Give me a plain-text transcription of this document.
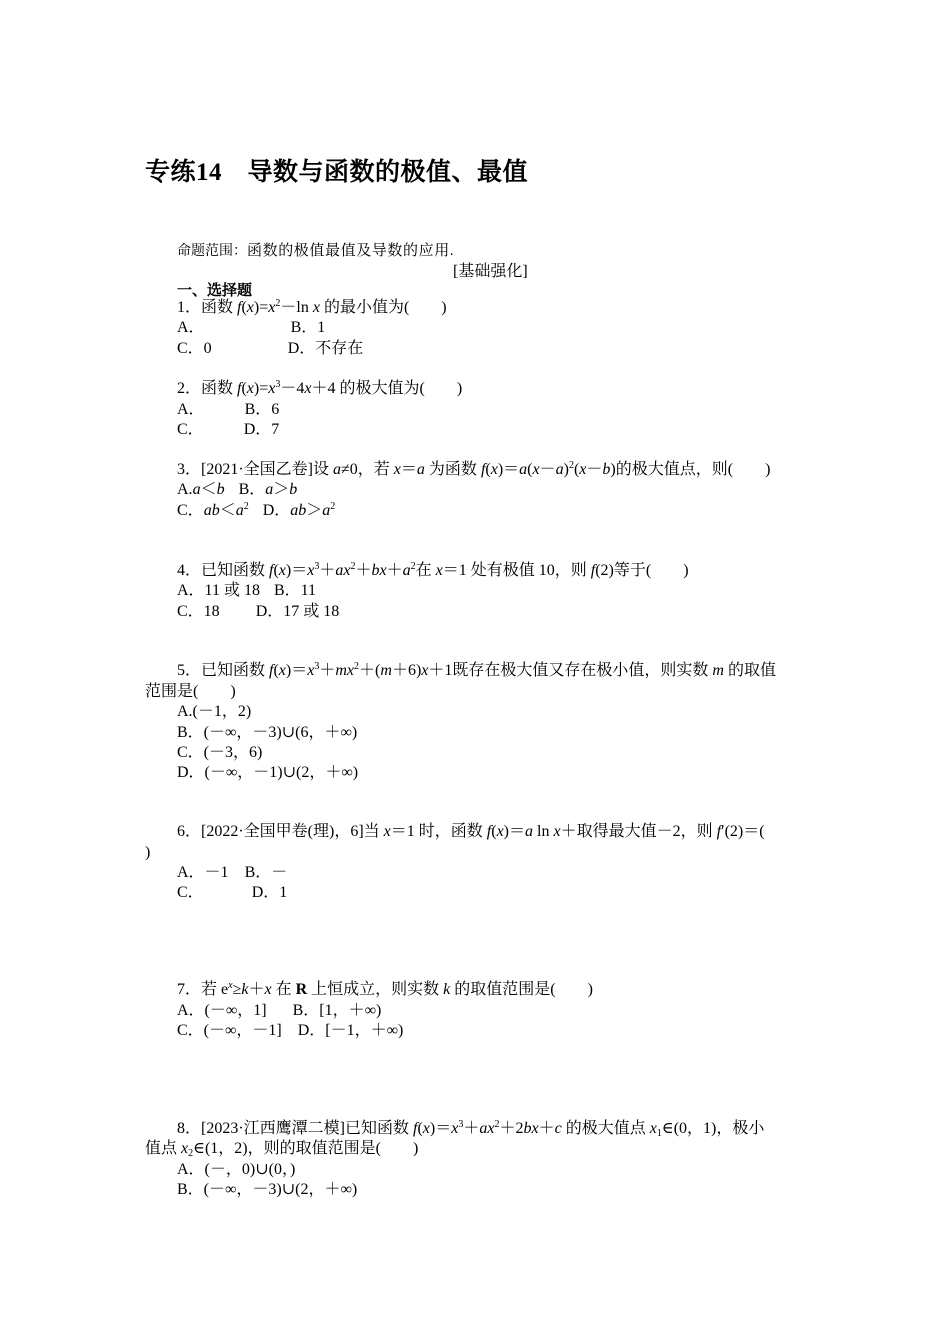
专练14　导数与函数的极值、最值
命题范围：函数的极值最值及导数的应用.
[基础强化]
一、选择题
1．函数 $f(x)=x^2-\ln$ x 的最小值为(　　)
A．	B．1
C．0	D．不存在
2．函数 $f(x)=x^3-4x+4$ 的极大值为(　　)
A．	B．6
C．	D．7
3．[2021·全国乙卷]设 a≠0，若 x＝a 为函数 $f(x)=a(x-a)^2(x-b)$的极大值点，则(　　)
A.a＜b B．a＞b
C．$ab<a^2$ D．$ab>a^2$
4．已知函数 $f(x)=x^3+ax^2+bx+a^2$在 x＝1 处有极值 10，则 f(2)等于(　　)
A．11 或 18 B．11
C．18 D．17 或 18
5．已知函数 $f(x)=x^3+mx^2+(m+6)x+1$既存在极大值又存在极小值，则实数 m 的取值
范围是(　　)
A.(－1，2)
B．(－∞，－3)∪(6，＋∞)
C．(－3，6)
D．(－∞，－1)∪(2，＋∞)
6．[2022·全国甲卷(理)，6]当 x＝1 时，函数 f(x)＝a ln x＋取得最大值－2，则 f′(2)＝(
)
A．－1 B．－
C．	D．1
7．若 $e^x\ge k+x$ 在 R 上恒成立，则实数 k 的取值范围是(　　)
A．(－∞，1] B．[1，＋∞)
C．(－∞，－1] D．[－1，＋∞)
8．[2023·江西鹰潭二模]已知函数 $f(x)=x^3+ax^2+2bx+c$ 的极大值点 $x_1\in(0$，1)，极小
值点 $x_2\in(1$，2)，则的取值范围是(　　)
A．(－，0)∪(0，)
B．(－∞，－3)∪(2，＋∞)
